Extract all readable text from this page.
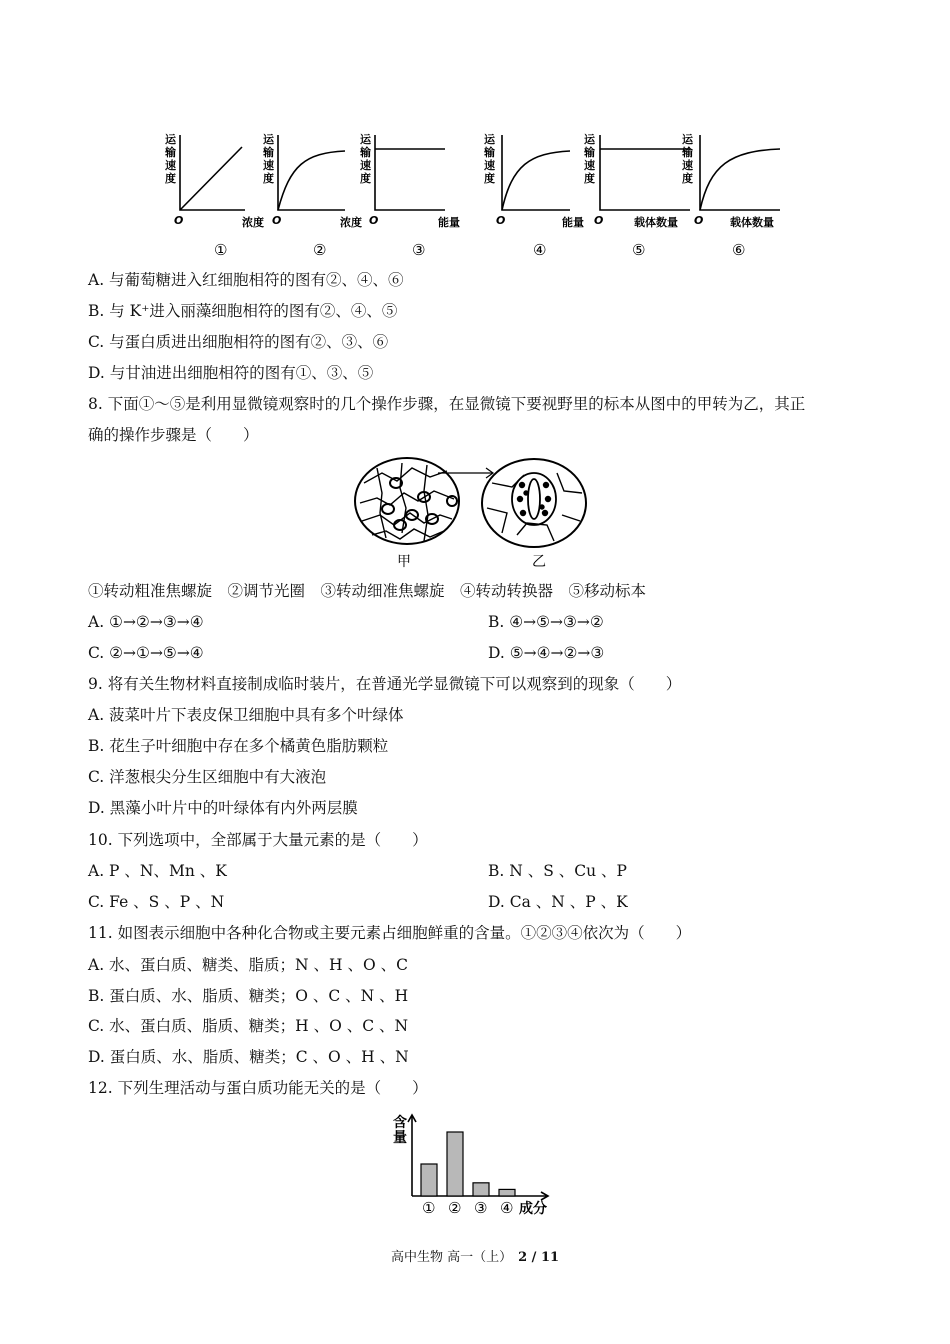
运
输
速
度
运
输
速
度
运
输
速
度
运
输
速
度
运
输
速
度
运
输
速
度
O	O	O	O	O	O
浓度	浓度	能量	能量	载体数量	载体数量
①	②	③	④	⑤	⑥
A. 与葡萄糖进入红细胞相符的图有②、④、⑥
B. 与 K⁺进入丽藻细胞相符的图有②、④、⑤
C. 与蛋白质进出细胞相符的图有②、③、⑥
D. 与甘油进出细胞相符的图有①、③、⑤
8. 下面①～⑤是利用显微镜观察时的几个操作步骤，在显微镜下要视野里的标本从图中的甲转为乙，其正
确的操作步骤是（　　）
甲	乙
①转动粗准焦螺旋　②调节光圈　③转动细准焦螺旋　④转动转换器　⑤移动标本
A. ①→②→③→④	B. ④→⑤→③→②
C. ②→①→⑤→④	D. ⑤→④→②→③
9. 将有关生物材料直接制成临时装片，在普通光学显微镜下可以观察到的现象（　　）
A. 菠菜叶片下表皮保卫细胞中具有多个叶绿体
B. 花生子叶细胞中存在多个橘黄色脂肪颗粒
C. 洋葱根尖分生区细胞中有大液泡
D. 黑藻小叶片中的叶绿体有内外两层膜
10. 下列选项中，全部属于大量元素的是（　　）
A. P 、N、Mn 、K	B. N 、S 、Cu 、P
C. Fe 、S 、P 、N	D. Ca 、N 、P 、K
11. 如图表示细胞中各种化合物或主要元素占细胞鲜重的含量。①②③④依次为（　　）
A. 水、蛋白质、糖类、脂质；N 、H 、O 、C
B. 蛋白质、水、脂质、糖类；O 、C 、N 、H
C. 水、蛋白质、脂质、糖类；H 、O 、C 、N
D. 蛋白质、水、脂质、糖类；C 、O 、H 、N
12. 下列生理活动与蛋白质功能无关的是（　　）
含
量
① ② ③ ④ 成分
高中生物 高一（上） 2 / 11
